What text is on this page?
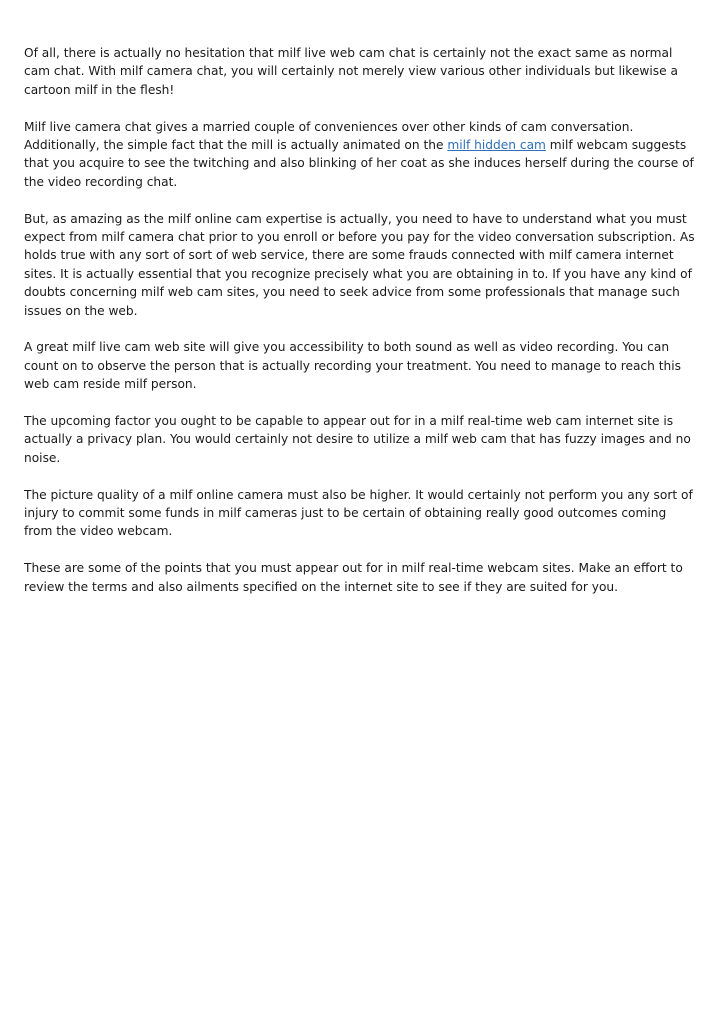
Of all, there is actually no hesitation that milf live web cam chat is certainly not the exact same as normal cam chat. With milf camera chat, you will certainly not merely view various other individuals but likewise a cartoon milf in the flesh!

Milf live camera chat gives a married couple of conveniences over other kinds of cam conversation. Additionally, the simple fact that the mill is actually animated on the milf hidden cam milf webcam suggests that you acquire to see the twitching and also blinking of her coat as she induces herself during the course of the video recording chat.

But, as amazing as the milf online cam expertise is actually, you need to have to understand what you must expect from milf camera chat prior to you enroll or before you pay for the video conversation subscription. As holds true with any sort of sort of web service, there are some frauds connected with milf camera internet sites. It is actually essential that you recognize precisely what you are obtaining in to. If you have any kind of doubts concerning milf web cam sites, you need to seek advice from some professionals that manage such issues on the web.

A great milf live cam web site will give you accessibility to both sound as well as video recording. You can count on to observe the person that is actually recording your treatment. You need to manage to reach this web cam reside milf person.

The upcoming factor you ought to be capable to appear out for in a milf real-time web cam internet site is actually a privacy plan. You would certainly not desire to utilize a milf web cam that has fuzzy images and no noise.

The picture quality of a milf online camera must also be higher. It would certainly not perform you any sort of injury to commit some funds in milf cameras just to be certain of obtaining really good outcomes coming from the video webcam.

These are some of the points that you must appear out for in milf real-time webcam sites. Make an effort to review the terms and also ailments specified on the internet site to see if they are suited for you.
